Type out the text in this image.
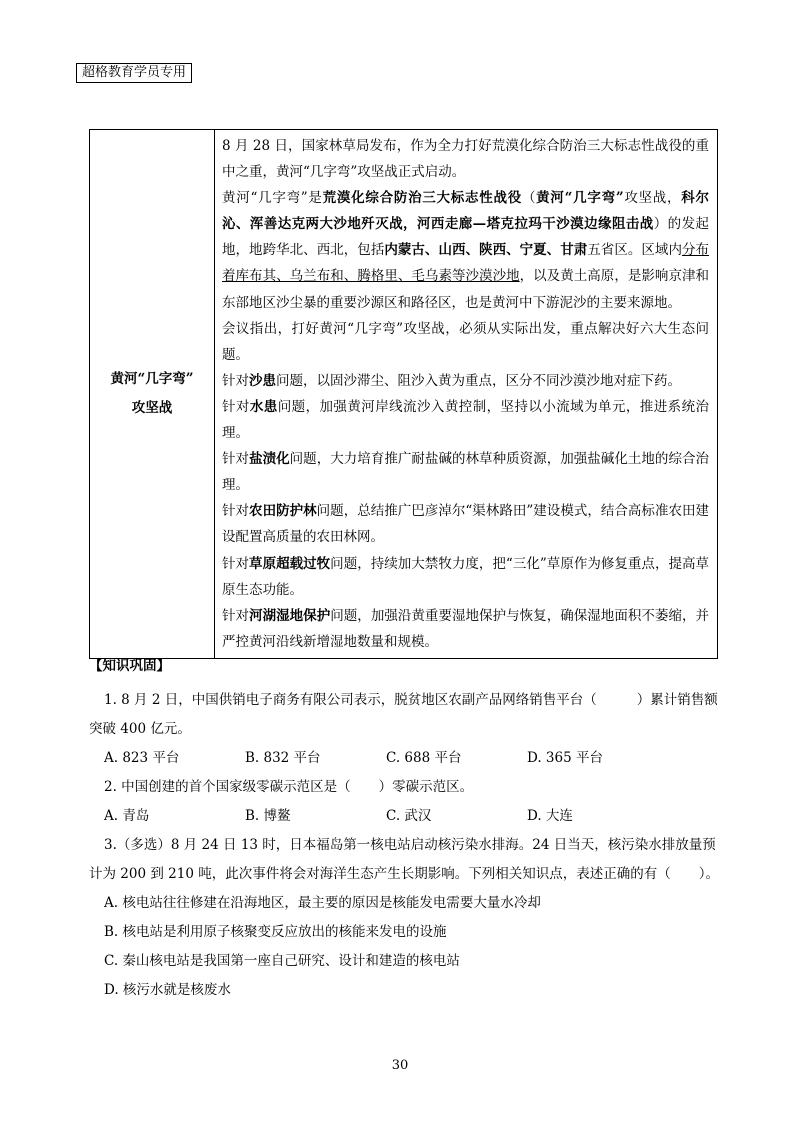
超格教育学员专用
黄河“几字弯”
攻坚战

8 月 28 日，国家林草局发布，作为全力打好荒漠化综合防治三大标志性战役的重中之重，黄河“几字弯”攻坚战正式启动。

黄河“几字弯”是荒漠化综合防治三大标志性战役（黄河“几字弯”攻坚战，科尔沁、浑善达克两大沙地歼灭战，河西走廊—塔克拉玛干沙漠边缘阻击战）的发起地，地跨华北、西北，包括内蒙古、山西、陕西、宁夏、甘肃五省区。区域内分布着库布其、乌兰布和、腾格里、毛乌素等沙漠沙地，以及黄土高原，是影响京津和东部地区沙尘暴的重要沙源区和路径区，也是黄河中下游泥沙的主要来源地。

会议指出，打好黄河“几字弯”攻坚战，必须从实际出发，重点解决好六大生态问题。

针对沙患问题，以固沙滞尘、阻沙入黄为重点，区分不同沙漠沙地对症下药。

针对水患问题，加强黄河岸线流沙入黄控制，坚持以小流域为单元，推进系统治理。

针对盐渍化问题，大力培育推广耐盐碱的林草种质资源，加强盐碱化土地的综合治理。

针对农田防护林问题，总结推广巴彦淖尔“渠林路田”建设模式，结合高标准农田建设配置高质量的农田林网。

针对草原超载过牧问题，持续加大禁牧力度，把“三化”草原作为修复重点，提高草原生态功能。

针对河湖湿地保护问题，加强沿黄重要湿地保护与恢复，确保湿地面积不萎缩，并严控黄河沿线新增湿地数量和规模。

【知识巩固】

1. 8 月 2 日，中国供销电子商务有限公司表示，脱贫地区农副产品网络销售平台（	）累计销售额突破 400 亿元。

A. 823 平台	B. 832 平台	C. 688 平台	D. 365 平台

2. 中国创建的首个国家级零碳示范区是（ ）零碳示范区。

A. 青岛	B. 博鳌	C. 武汉	D. 大连

3.（多选）8 月 24 日 13 时，日本福岛第一核电站启动核污染水排海。24 日当天，核污染水排放量预计为 200 到 210 吨，此次事件将会对海洋生态产生长期影响。下列相关知识点，表述正确的有（ ）。

A. 核电站往往修建在沿海地区，最主要的原因是核能发电需要大量水冷却

B. 核电站是利用原子核聚变反应放出的核能来发电的设施

C. 秦山核电站是我国第一座自己研究、设计和建造的核电站

D. 核污水就是核废水

30
